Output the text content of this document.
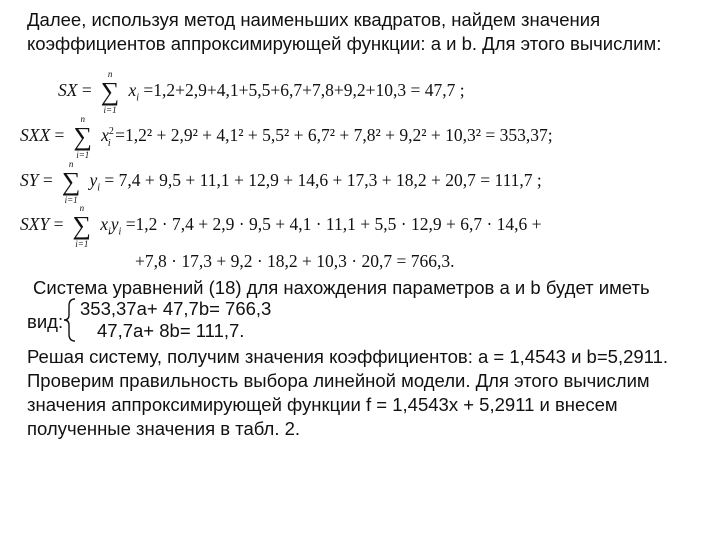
Далее, используя метод наименьших квадратов, найдем значения
коэффициентов аппроксимирующей функции: a и b. Для этого вычислим:
SX = ∑
n
i=1
$x_i =1,2+2,9+4,1+5,5+6,7+7,8+9,2+10,3 = 47,7$ ;
SXX = ∑
n
i=1
$x^2_i =1,2^2 + 2,9^2 + 4,1^2 + 5,5^2 + 6,7^2 + 7,8^2 + 9,2^2 + 10,3^2 = 353,37$;
SY = ∑
n
i=1
$y_i = 7,4 + 9,5 + 11,1 + 12,9 + 14,6 + 17,3 + 18,2 + 20,7 = 111,7$ ;
SXY = ∑
n
i=1
$x_iy_i =1,2 \cdot 7,4 + 2,9 \cdot 9,5 + 4,1 \cdot 11,1 + 5,5 \cdot 12,9 + 6,7 \cdot 14,6$ +
+7,8 · 17,3 + 9,2 · 18,2 + 10,3 · 20,7 = 766,3.
Система уравнений (18) для нахождения параметров а и b будет иметь
вид:
353,37a+ 47,7b= 766,3
47,7a+ 8b= 111,7.
Решая систему, получим значения коэффициентов: a = 1,4543 и b=5,2911.
Проверим правильность выбора линейной модели. Для этого вычислим
значения аппроксимирующей функции f = 1,4543x + 5,2911 и внесем
полученные значения в табл. 2.
